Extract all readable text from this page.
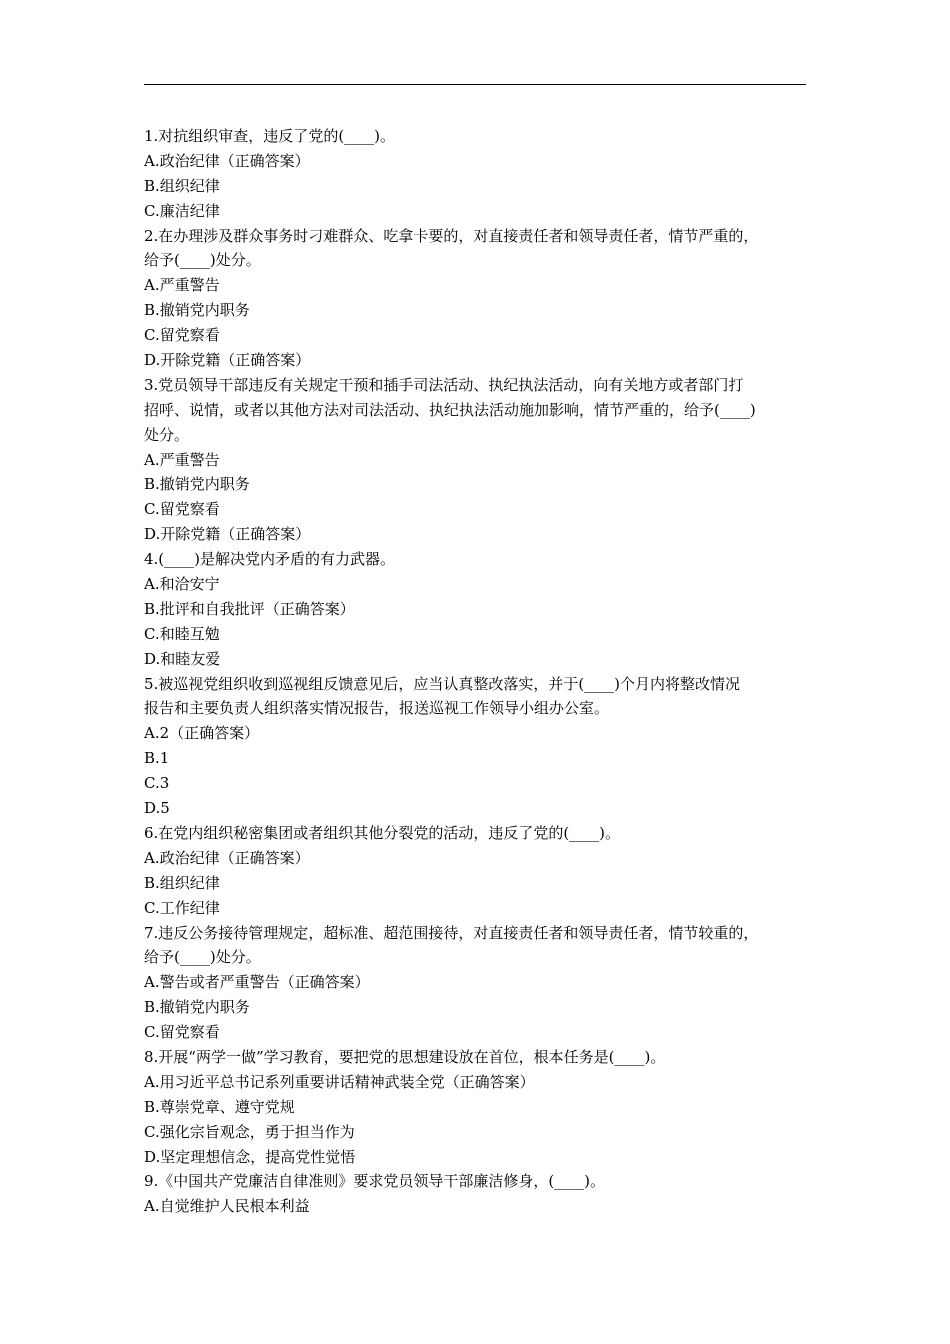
1.对抗组织审查，违反了党的(____)。
A.政治纪律（正确答案）
B.组织纪律
C.廉洁纪律
2.在办理涉及群众事务时刁难群众、吃拿卡要的，对直接责任者和领导责任者，情节严重的，
给予(____)处分。
A.严重警告
B.撤销党内职务
C.留党察看
D.开除党籍（正确答案）
3.党员领导干部违反有关规定干预和插手司法活动、执纪执法活动，向有关地方或者部门打
招呼、说情，或者以其他方法对司法活动、执纪执法活动施加影响，情节严重的，给予(____)
处分。
A.严重警告
B.撤销党内职务
C.留党察看
D.开除党籍（正确答案）
4.(____)是解决党内矛盾的有力武器。
A.和洽安宁
B.批评和自我批评（正确答案）
C.和睦互勉
D.和睦友爱
5.被巡视党组织收到巡视组反馈意见后，应当认真整改落实，并于(____)个月内将整改情况
报告和主要负责人组织落实情况报告，报送巡视工作领导小组办公室。
A.2（正确答案）
B.1
C.3
D.5
6.在党内组织秘密集团或者组织其他分裂党的活动，违反了党的(____)。
A.政治纪律（正确答案）
B.组织纪律
C.工作纪律
7.违反公务接待管理规定，超标准、超范围接待，对直接责任者和领导责任者，情节较重的，
给予(____)处分。
A.警告或者严重警告（正确答案）
B.撤销党内职务
C.留党察看
8.开展“两学一做”学习教育，要把党的思想建设放在首位，根本任务是(____)。
A.用习近平总书记系列重要讲话精神武装全党（正确答案）
B.尊崇党章、遵守党规
C.强化宗旨观念，勇于担当作为
D.坚定理想信念，提高党性觉悟
9.《中国共产党廉洁自律准则》要求党员领导干部廉洁修身，(____)。
A.自觉维护人民根本利益
